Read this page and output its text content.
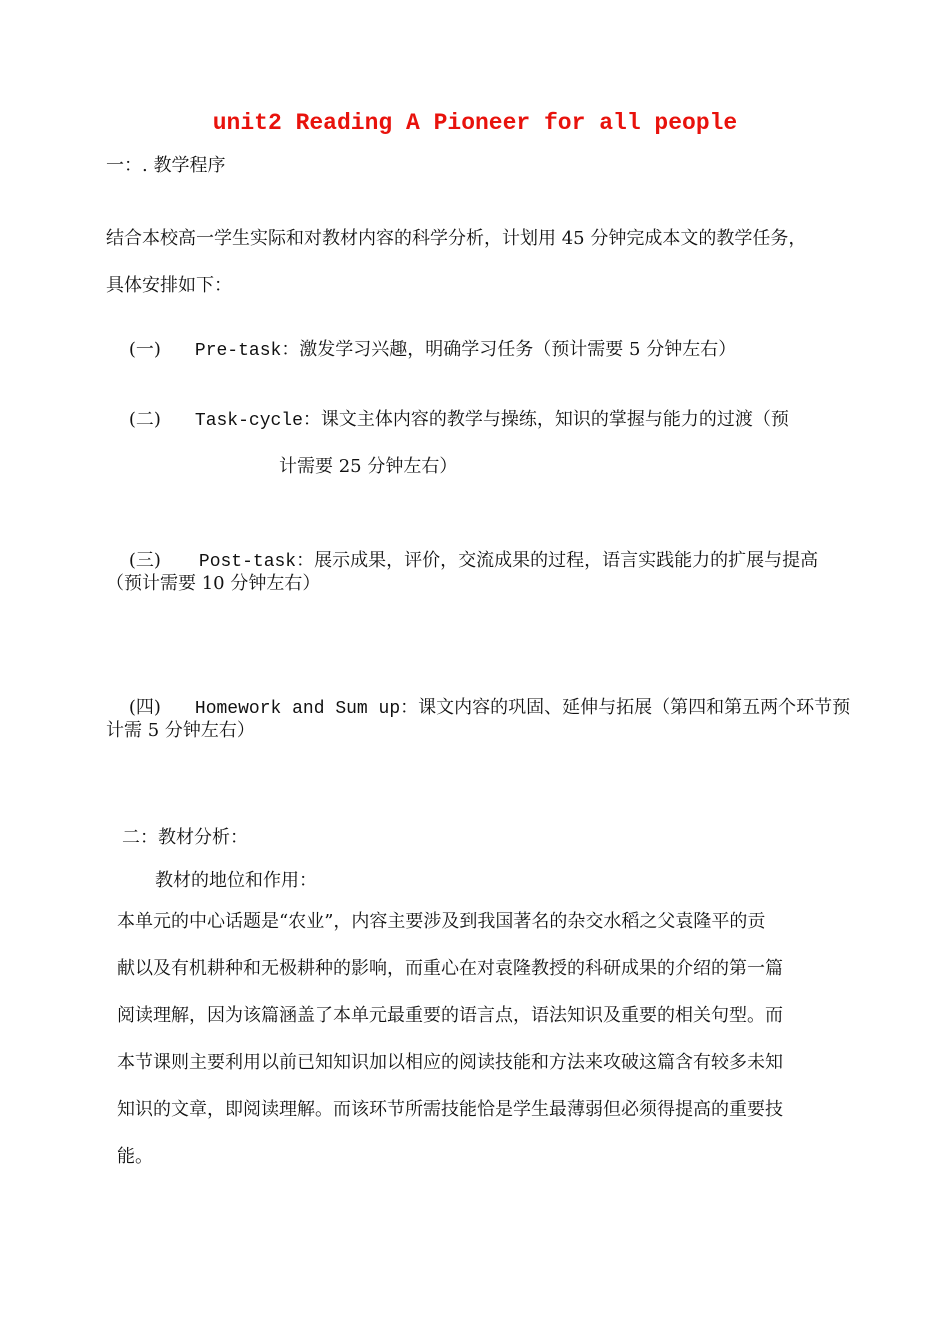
unit2 Reading A Pioneer for all people
一：. 教学程序
结合本校高一学生实际和对教材内容的科学分析，计划用 45 分钟完成本文的教学任务，
具体安排如下：

(一) Pre-task：激发学习兴趣，明确学习任务（预计需要 5 分钟左右）

(二) Task-cycle：课文主体内容的教学与操练，知识的掌握与能力的过渡（预

计需要 25 分钟左右）

(三) Post-task：展示成果，评价，交流成果的过程，语言实践能力的扩展与提高

（预计需要 10 分钟左右）

(四) Homework and Sum up：课文内容的巩固、延伸与拓展（第四和第五两个环节预

计需 5 分钟左右）
二：教材分析：
教材的地位和作用：
本单元的中心话题是“农业”，内容主要涉及到我国著名的杂交水稻之父袁隆平的贡
献以及有机耕种和无极耕种的影响，而重心在对袁隆教授的科研成果的介绍的第一篇
阅读理解，因为该篇涵盖了本单元最重要的语言点，语法知识及重要的相关句型。而
本节课则主要利用以前已知知识加以相应的阅读技能和方法来攻破这篇含有较多未知
知识的文章，即阅读理解。而该环节所需技能恰是学生最薄弱但必须得提高的重要技
能。
